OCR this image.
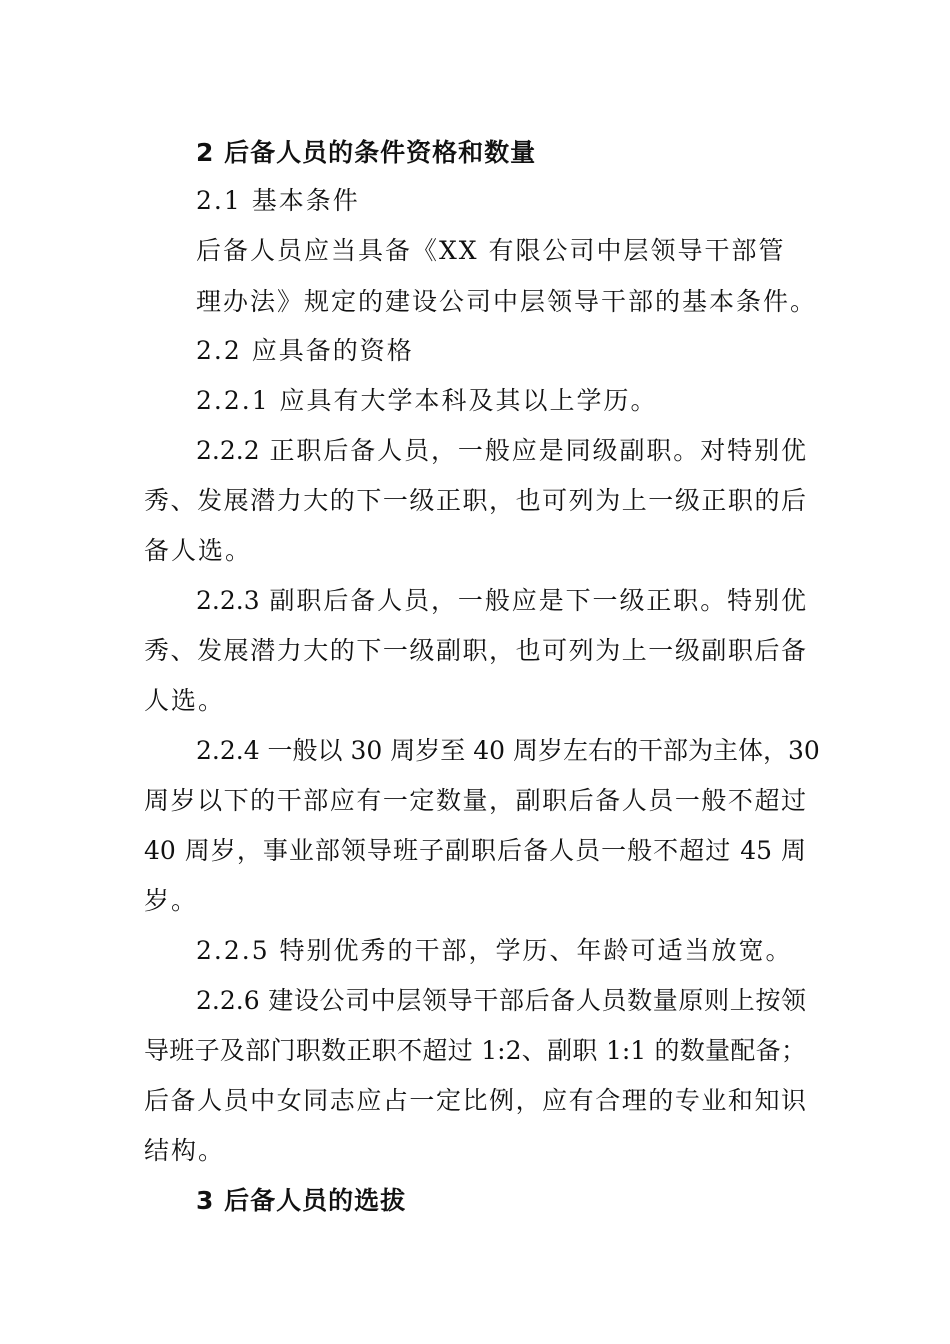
2 后备人员的条件资格和数量
2.1 基本条件
后备人员应当具备《XX 有限公司中层领导干部管
理办法》规定的建设公司中层领导干部的基本条件。
2.2 应具备的资格
2.2.1 应具有大学本科及其以上学历。
2.2.2 正职后备人员，一般应是同级副职。对特别优
秀、发展潜力大的下一级正职，也可列为上一级正职的后
备人选。
2.2.3 副职后备人员，一般应是下一级正职。特别优
秀、发展潜力大的下一级副职，也可列为上一级副职后备
人选。
2.2.4 一般以 30 周岁至 40 周岁左右的干部为主体，30
周岁以下的干部应有一定数量，副职后备人员一般不超过
40 周岁，事业部领导班子副职后备人员一般不超过 45 周
岁。
2.2.5 特别优秀的干部，学历、年龄可适当放宽。
2.2.6 建设公司中层领导干部后备人员数量原则上按领
导班子及部门职数正职不超过 1:2、副职 1:1 的数量配备；
后备人员中女同志应占一定比例，应有合理的专业和知识
结构。
3 后备人员的选拔
